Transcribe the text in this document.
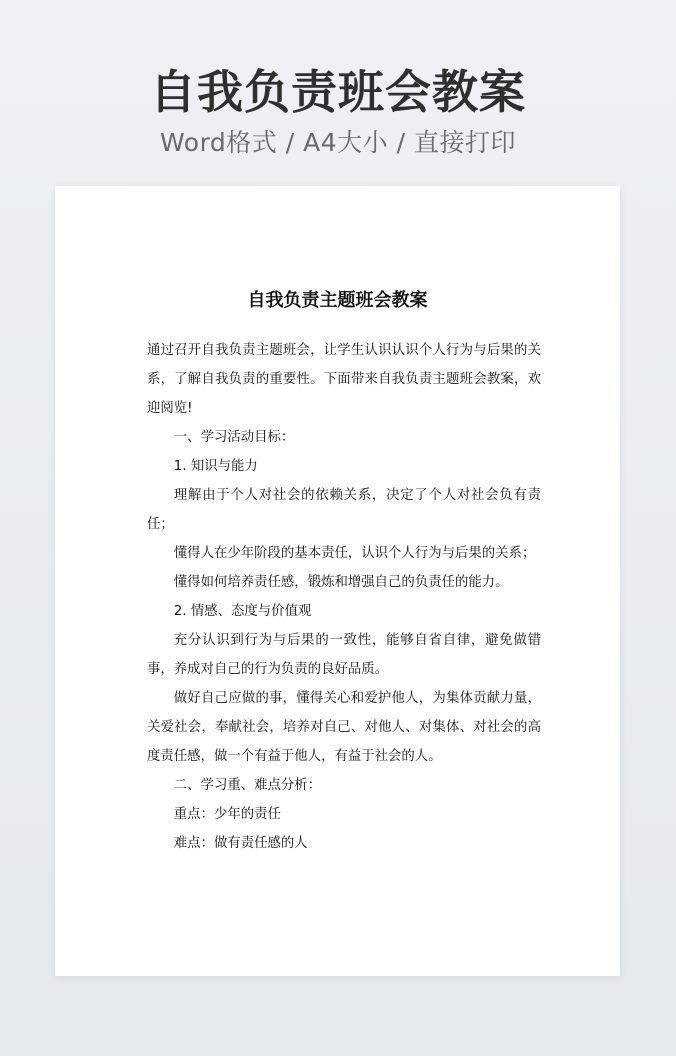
自我负责班会教案
Word格式 / A4大小 / 直接打印
自我负责主题班会教案

通过召开自我负责主题班会，让学生认识认识个人行为与后果的关系，了解自我负责的重要性。下面带来自我负责主题班会教案，欢迎阅览!

一、学习活动目标：

1. 知识与能力

理解由于个人对社会的依赖关系，决定了个人对社会负有责任；

懂得人在少年阶段的基本责任，认识个人行为与后果的关系；

懂得如何培养责任感，锻炼和增强自己的负责任的能力。

2. 情感、态度与价值观

充分认识到行为与后果的一致性，能够自省自律，避免做错事，养成对自己的行为负责的良好品质。

做好自己应做的事，懂得关心和爱护他人，为集体贡献力量，关爱社会，奉献社会，培养对自己、对他人、对集体、对社会的高度责任感，做一个有益于他人，有益于社会的人。

二、学习重、难点分析：

重点：少年的责任

难点：做有责任感的人
